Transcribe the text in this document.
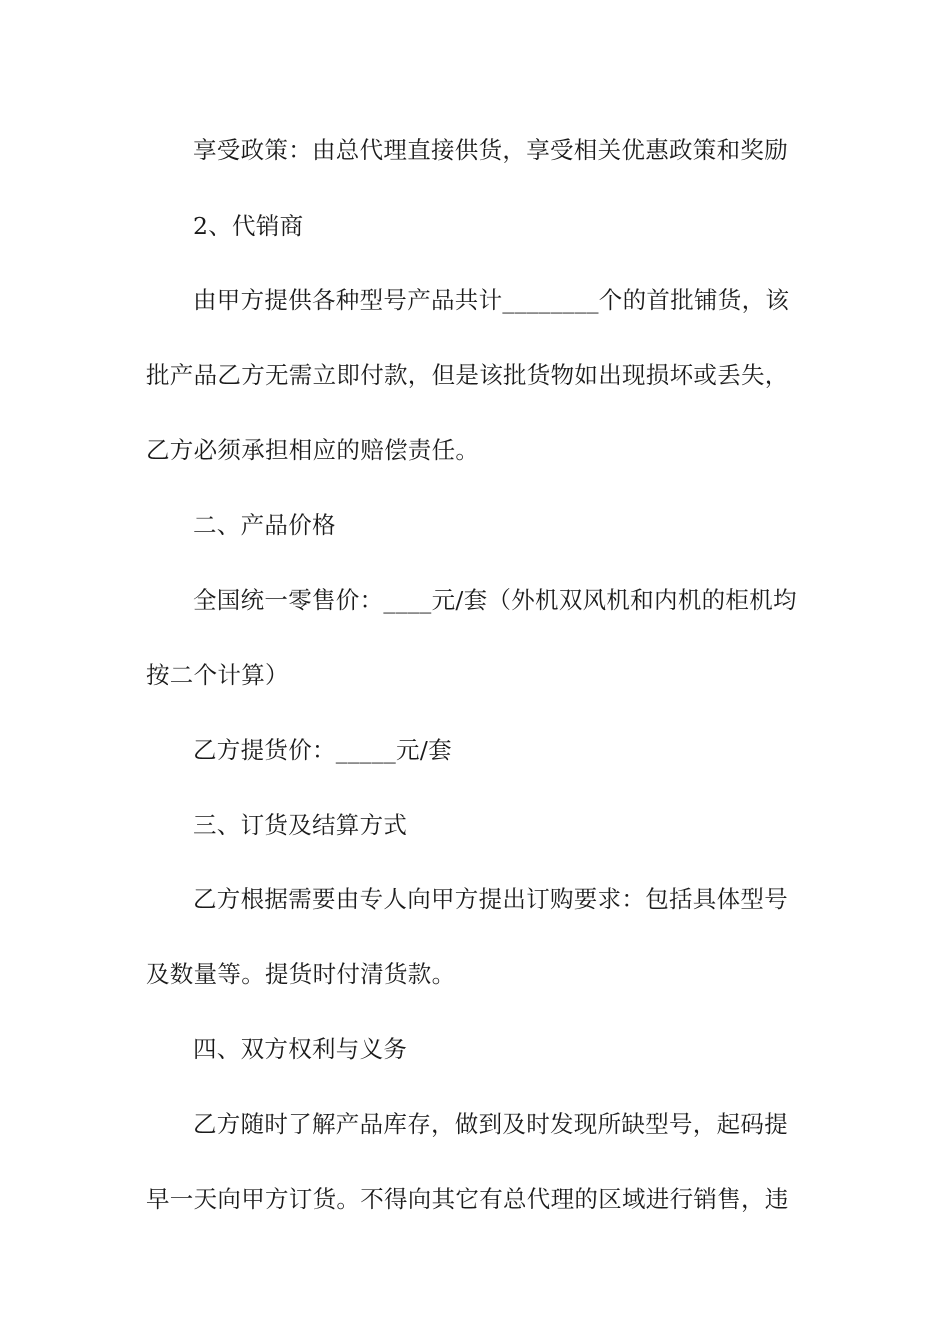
享受政策：由总代理直接供货，享受相关优惠政策和奖励
2、代销商
由甲方提供各种型号产品共计________个的首批铺货，该
批产品乙方无需立即付款，但是该批货物如出现损坏或丢失，
乙方必须承担相应的赔偿责任。
二、产品价格
全国统一零售价：____元/套（外机双风机和内机的柜机均
按二个计算）
乙方提货价：_____元/套
三、订货及结算方式
乙方根据需要由专人向甲方提出订购要求：包括具体型号
及数量等。提货时付清货款。
四、双方权利与义务
乙方随时了解产品库存，做到及时发现所缺型号，起码提
早一天向甲方订货。不得向其它有总代理的区域进行销售，违
